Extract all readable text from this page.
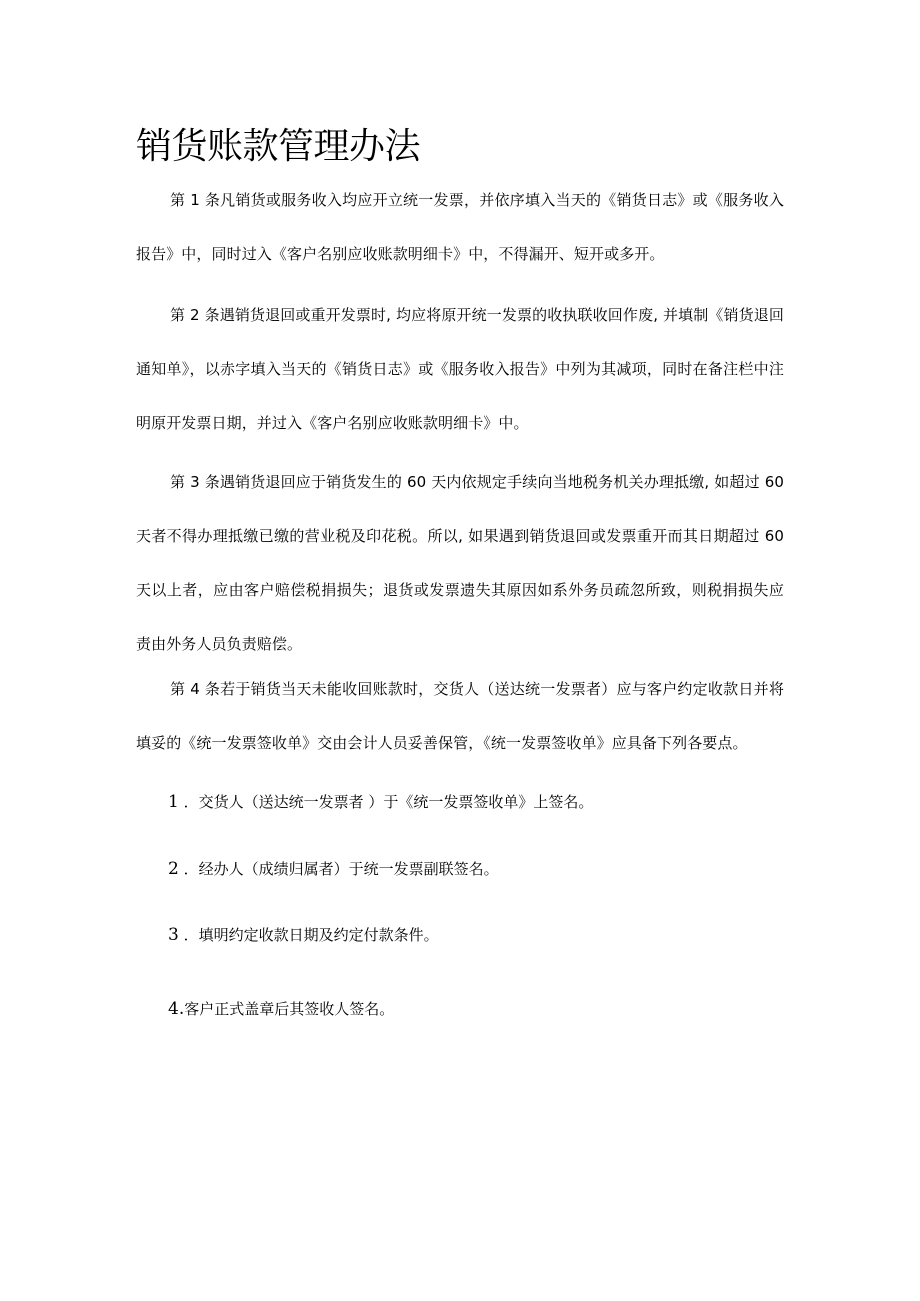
销货账款管理办法

第 1 条凡销货或服务收入均应开立统一发票，并依序填入当天的《销货日志》或《服务收入报告》中，同时过入《客户名别应收账款明细卡》中，不得漏开、短开或多开。

第 2 条遇销货退回或重开发票时, 均应将原开统一发票的收执联收回作废, 并填制《销货退回通知单》，以赤字填入当天的《销货日志》或《服务收入报告》中列为其减项，同时在备注栏中注明原开发票日期，并过入《客户名别应收账款明细卡》中。

第 3 条遇销货退回应于销货发生的 60 天内依规定手续向当地税务机关办理抵缴, 如超过 60 天者不得办理抵缴已缴的营业税及印花税。所以, 如果遇到销货退回或发票重开而其日期超过 60 天以上者，应由客户赔偿税捐损失；退货或发票遗失其原因如系外务员疏忽所致，则税捐损失应责由外务人员负责赔偿。

第 4 条若于销货当天未能收回账款时，交货人（送达统一发票者）应与客户约定收款日并将填妥的《统一发票签收单》交由会计人员妥善保管，《统一发票签收单》应具备下列各要点。

1 ．交货人（送达统一发票者 ）于《统一发票签收单》上签名。

2 ．经办人（成绩归属者）于统一发票副联签名。

3 ．填明约定收款日期及约定付款条件。

4.客户正式盖章后其签收人签名。
